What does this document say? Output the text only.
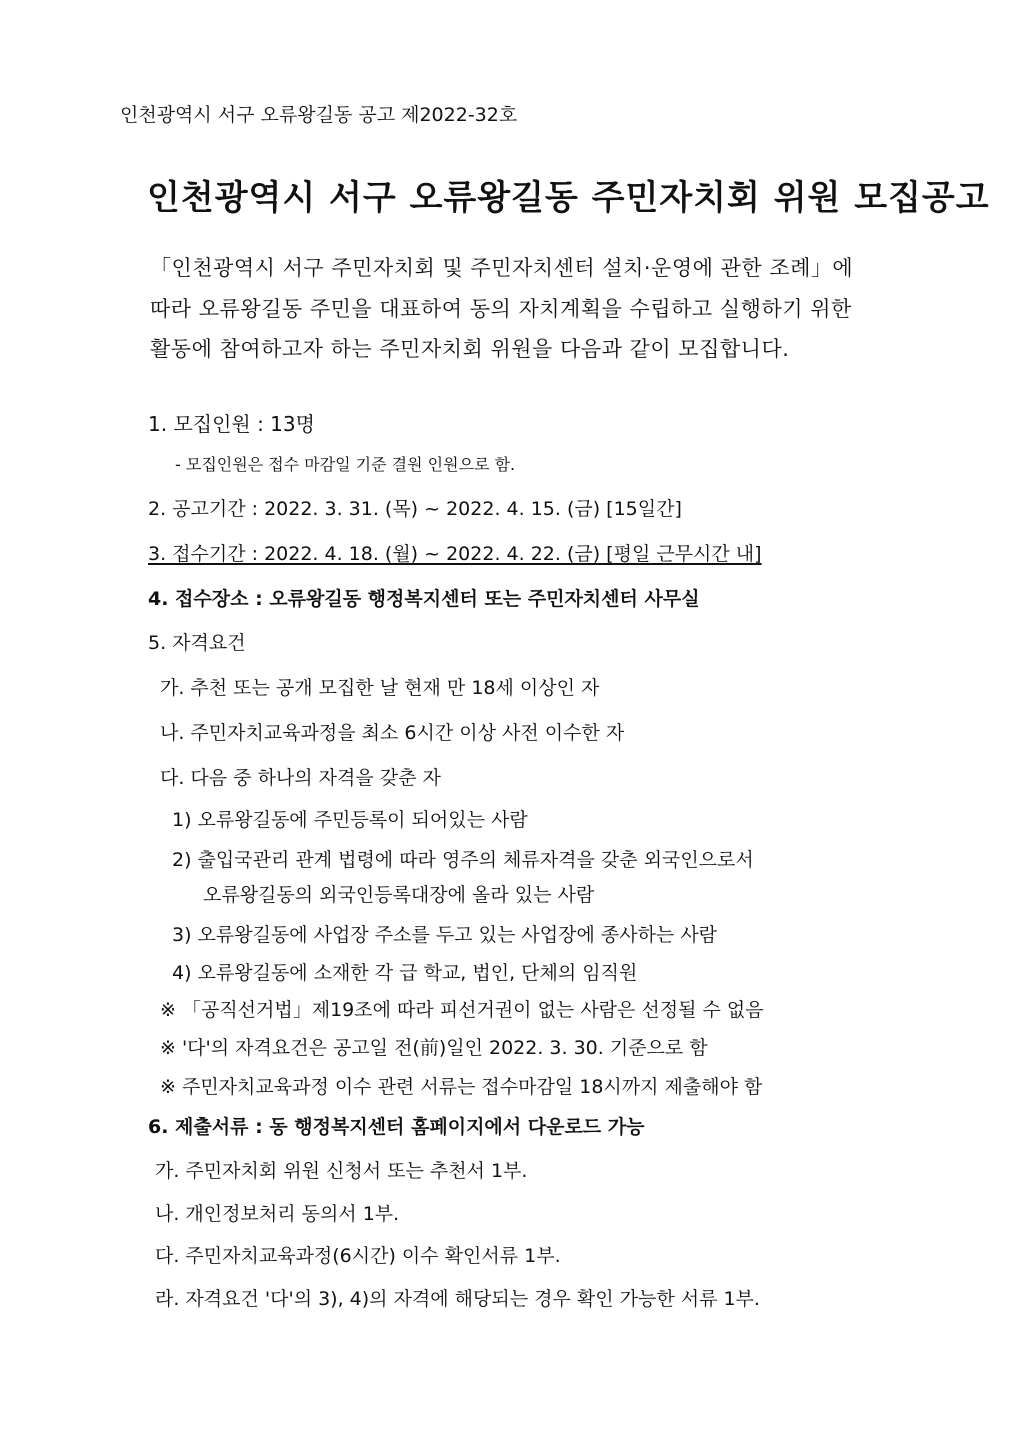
인천광역시 서구 오류왕길동 공고 제2022-32호
인천광역시 서구 오류왕길동 주민자치회 위원 모집공고
「인천광역시 서구 주민자치회 및 주민자치센터 설치·운영에 관한 조례」에
따라 오류왕길동 주민을 대표하여 동의 자치계획을 수립하고 실행하기 위한
활동에 참여하고자 하는 주민자치회 위원을 다음과 같이 모집합니다.
1. 모집인원 : 13명
- 모집인원은 접수 마감일 기준 결원 인원으로 함.
2. 공고기간 : 2022. 3. 31. (목) ~ 2022. 4. 15. (금) [15일간]
3. 접수기간 : 2022. 4. 18. (월) ~ 2022. 4. 22. (금) [평일 근무시간 내]
4. 접수장소 : 오류왕길동 행정복지센터 또는 주민자치센터 사무실
5. 자격요건
가. 추천 또는 공개 모집한 날 현재 만 18세 이상인 자
나. 주민자치교육과정을 최소 6시간 이상 사전 이수한 자
다. 다음 중 하나의 자격을 갖춘 자
1) 오류왕길동에 주민등록이 되어있는 사람
2) 출입국관리 관계 법령에 따라 영주의 체류자격을 갖춘 외국인으로서
오류왕길동의 외국인등록대장에 올라 있는 사람
3) 오류왕길동에 사업장 주소를 두고 있는 사업장에 종사하는 사람
4) 오류왕길동에 소재한 각 급 학교, 법인, 단체의 임직원
※ 「공직선거법」제19조에 따라 피선거권이 없는 사람은 선정될 수 없음
※ '다'의 자격요건은 공고일 전(前)일인 2022. 3. 30. 기준으로 함
※ 주민자치교육과정 이수 관련 서류는 접수마감일 18시까지 제출해야 함
6. 제출서류 : 동 행정복지센터 홈페이지에서 다운로드 가능
가. 주민자치회 위원 신청서 또는 추천서 1부.
나. 개인정보처리 동의서 1부.
다. 주민자치교육과정(6시간) 이수 확인서류 1부.
라. 자격요건 '다'의 3), 4)의 자격에 해당되는 경우 확인 가능한 서류 1부.
